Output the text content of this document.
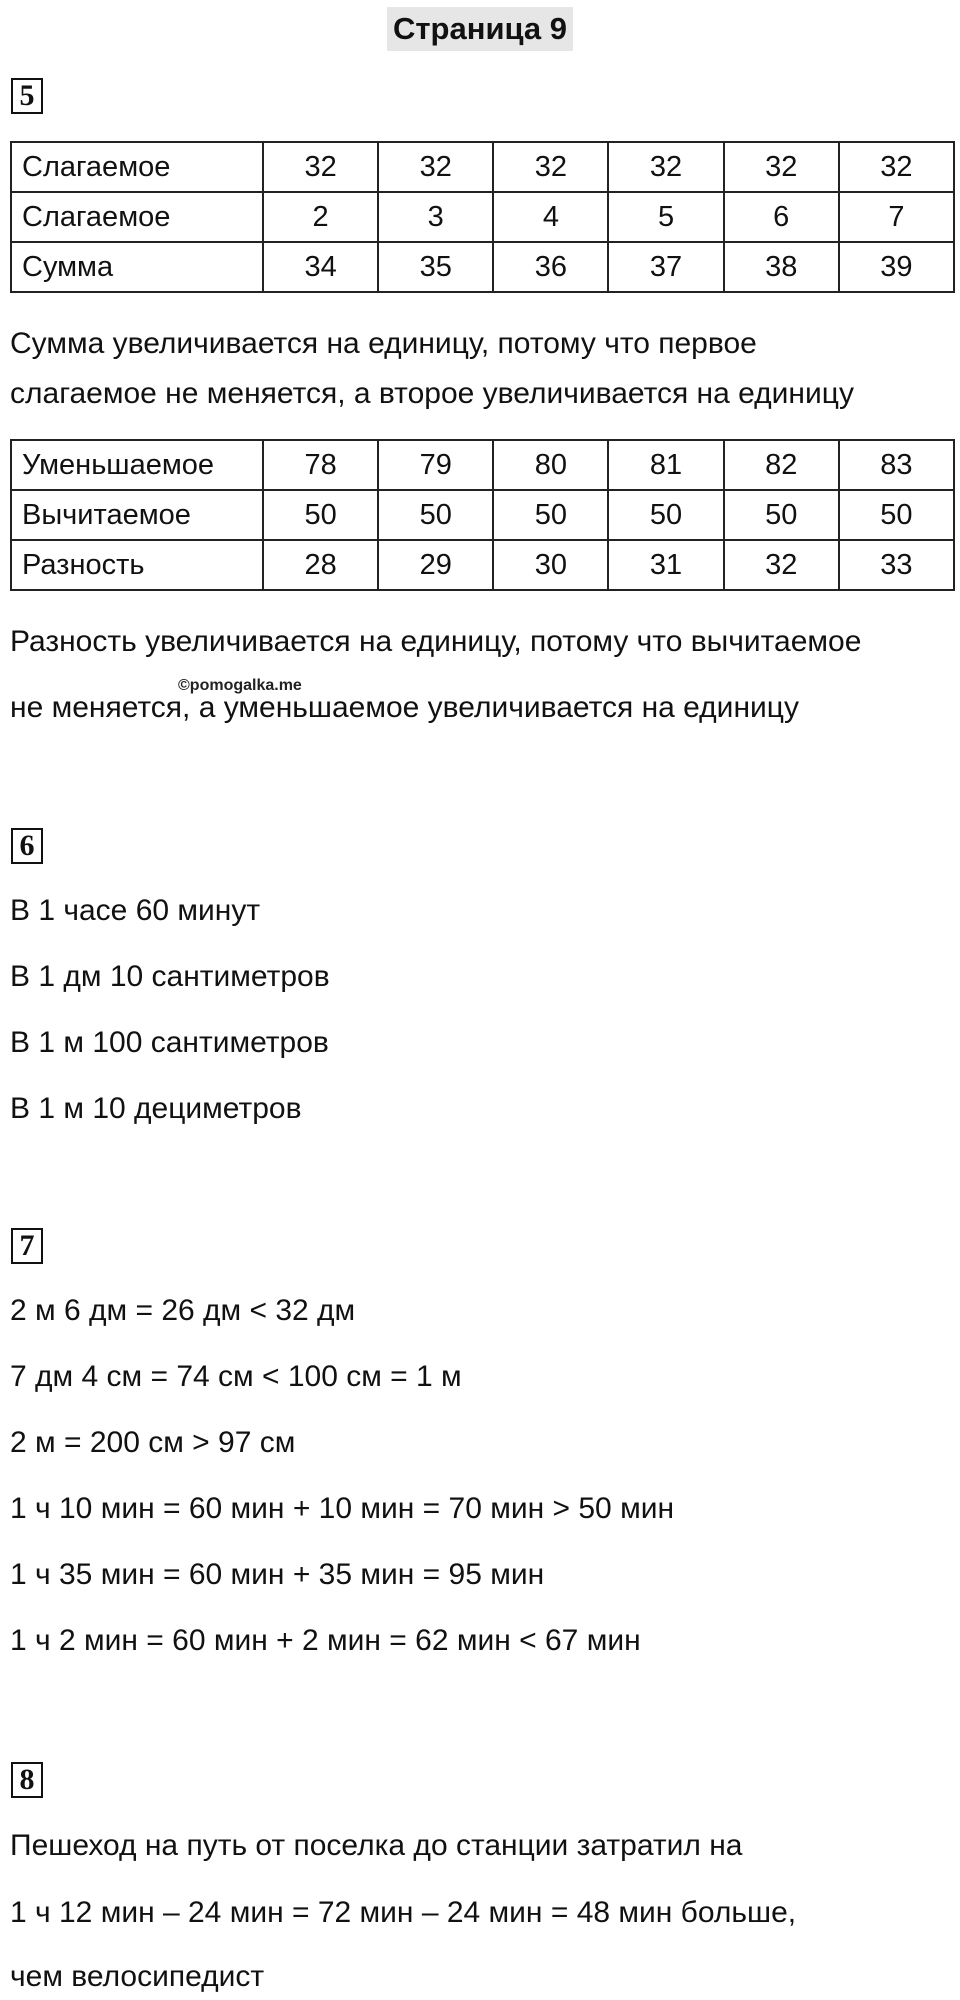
Страница 9
5
Слагаемое	32	32	32	32	32	32
Слагаемое	2	3	4	5	6	7
Сумма	34	35	36	37	38	39
Сумма увеличивается на единицу, потому что первое
слагаемое не меняется, а второе увеличивается на единицу
Уменьшаемое	78	79	80	81	82	83
Вычитаемое	50	50	50	50	50	50
Разность	28	29	30	31	32	33
Разность увеличивается на единицу, потому что вычитаемое
не меняется, а уменьшаемое увеличивается на единицу
©pomogalka.me
6
В 1 часе 60 минут
В 1 дм 10 сантиметров
В 1 м 100 сантиметров
В 1 м 10 дециметров
7
2 м 6 дм = 26 дм < 32 дм
7 дм 4 см = 74 см < 100 см = 1 м
2 м = 200 см > 97 см
1 ч 10 мин = 60 мин + 10 мин = 70 мин > 50 мин
1 ч 35 мин = 60 мин + 35 мин = 95 мин
1 ч 2 мин = 60 мин + 2 мин = 62 мин < 67 мин
8
Пешеход на путь от поселка до станции затратил на
1 ч 12 мин – 24 мин = 72 мин – 24 мин = 48 мин больше,
чем велосипедист
